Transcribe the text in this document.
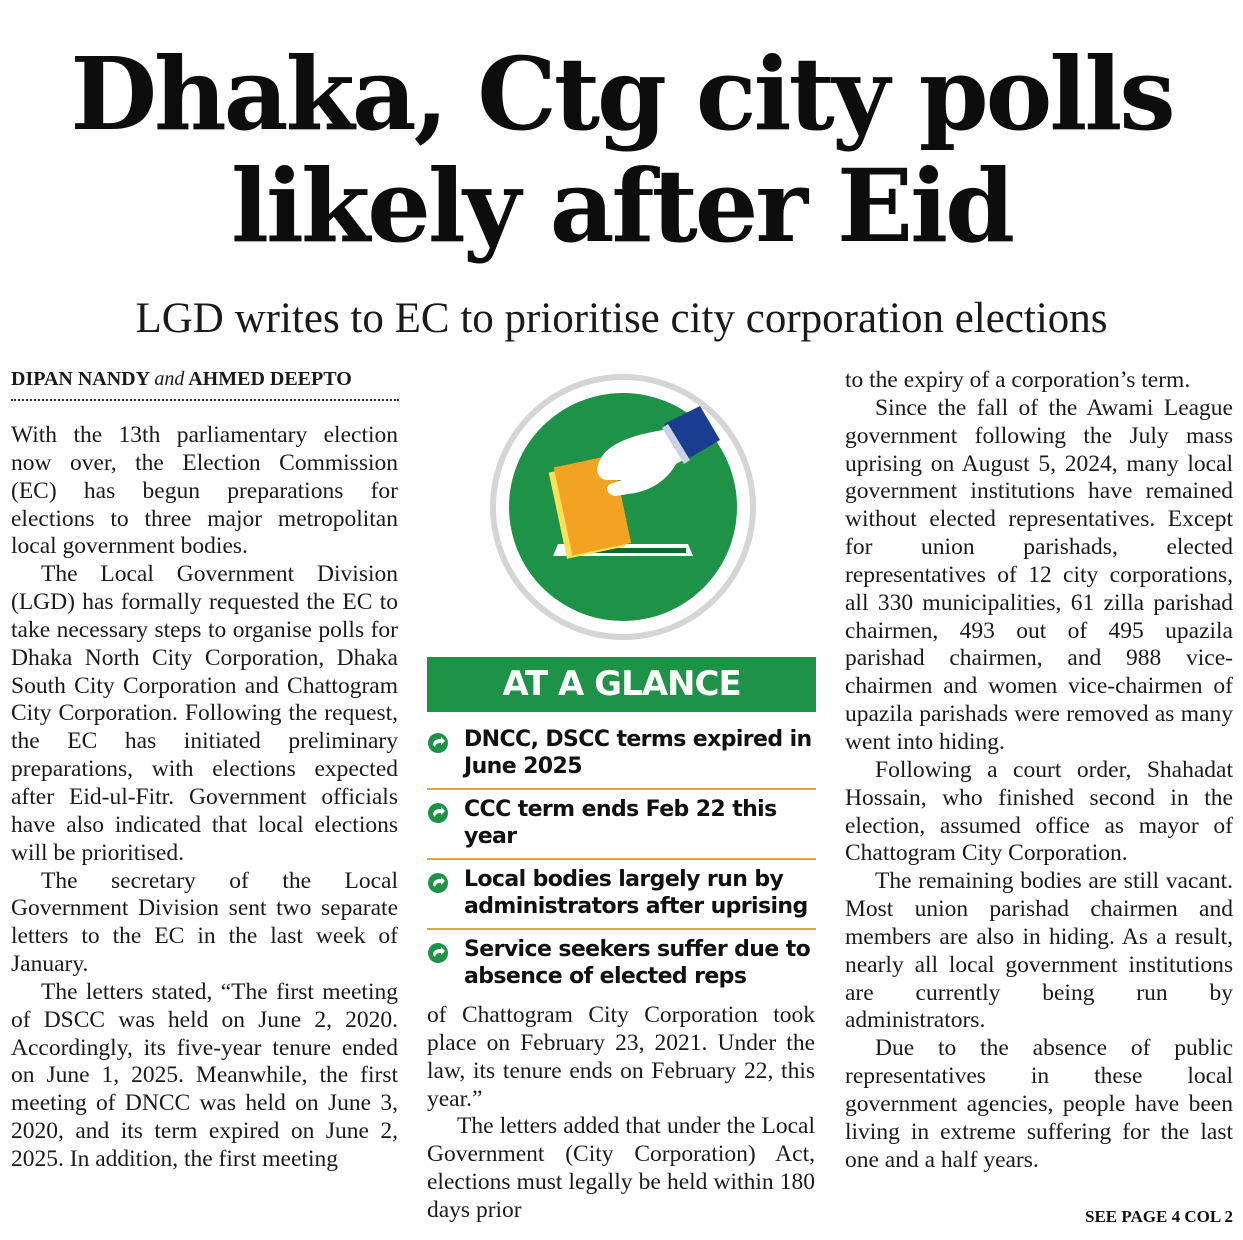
Dhaka, Ctg city polls
likely after Eid
LGD writes to EC to prioritise city corporation elections
DIPAN NANDY and AHMED DEEPTO

With the 13th parliamentary election now over, the Election Commission (EC) has begun preparations for elections to three major metropolitan local government bodies.

The Local Government Division (LGD) has formally requested the EC to take necessary steps to organise polls for Dhaka North City Corporation, Dhaka South City Corporation and Chattogram City Corporation. Following the request, the EC has initiated preliminary preparations, with elections expected after Eid-ul-Fitr. Government officials have also indicated that local elections will be prioritised.

The secretary of the Local Government Division sent two separate letters to the EC in the last week of January.

The letters stated, “The first meeting of DSCC was held on June 2, 2020. Accordingly, its five-year tenure ended on June 1, 2025. Meanwhile, the first meeting of DNCC was held on June 3, 2020, and its term expired on June 2, 2025. In addition, the first meeting

AT A GLANCE
DNCC, DSCC terms expired in June 2025
CCC term ends Feb 22 this year
Local bodies largely run by administrators after uprising
Service seekers suffer due to absence of elected reps

of Chattogram City Corporation took place on February 23, 2021. Under the law, its tenure ends on February 22, this year.”

The letters added that under the Local Government (City Corporation) Act, elections must legally be held within 180 days prior

to the expiry of a corporation’s term.

Since the fall of the Awami League government following the July mass uprising on August 5, 2024, many local government institutions have remained without elected representatives. Except for union parishads, elected representatives of 12 city corporations, all 330 municipalities, 61 zilla parishad chairmen, 493 out of 495 upazila parishad chairmen, and 988 vice-chairmen and women vice-chairmen of upazila parishads were removed as many went into hiding.

Following a court order, Shahadat Hossain, who finished second in the election, assumed office as mayor of Chattogram City Corporation.

The remaining bodies are still vacant. Most union parishad chairmen and members are also in hiding. As a result, nearly all local government institutions are currently being run by administrators.

Due to the absence of public representatives in these local government agencies, people have been living in extreme suffering for the last one and a half years.

SEE PAGE 4 COL 2
